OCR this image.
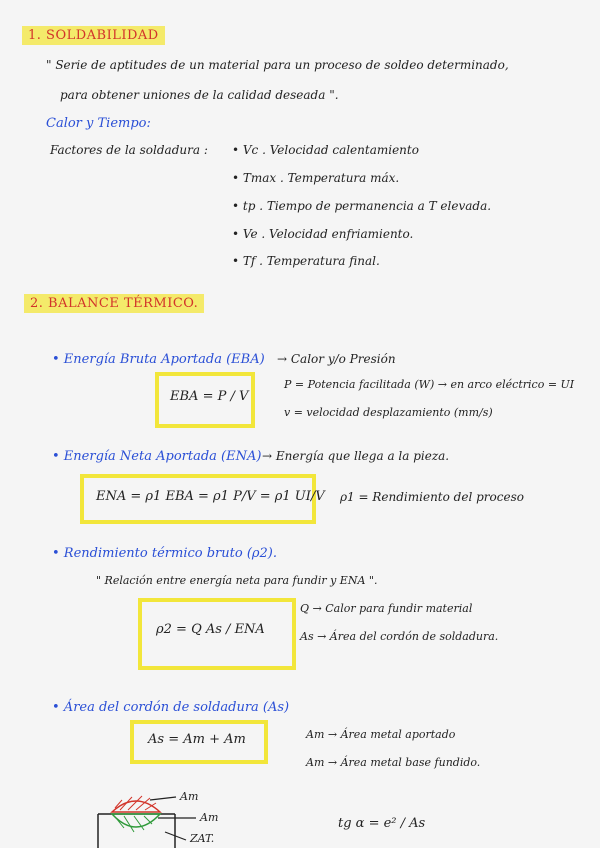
1. SOLDABILIDAD
" Serie de aptitudes de un material para un proceso de soldeo determinado,
para obtener uniones de la calidad deseada ".
Calor y Tiempo:
Factores de la soldadura : • Vc . Velocidad calentamiento
• Tmax . Temperatura máx.
• tp . Tiempo de permanencia a T elevada.
• Ve . Velocidad enfriamiento.
• Tf . Temperatura final.
2. BALANCE TÉRMICO.
• Energía Bruta Aportada (EBA) → Calor y/o Presión
EBA = P / V
P = Potencia facilitada (W) → en arco eléctrico = UI
v = velocidad desplazamiento (mm/s)
• Energía Neta Aportada (ENA) → Energía que llega a la pieza.
ENA = ρ1 EBA = ρ1 P/V = ρ1 UI/V ρ1 = Rendimiento del proceso
• Rendimiento térmico bruto (ρ2).
" Relación entre energía neta para fundir y ENA ".
ρ2 = Q As / ENA
Q → Calor para fundir material
As → Área del cordón de soldadura.
• Área del cordón de soldadura (As)
As = Am + Am	Am → Área metal aportado
Am → Área metal base fundido.
tg α = e² / As
Am
Am
ZAT.
